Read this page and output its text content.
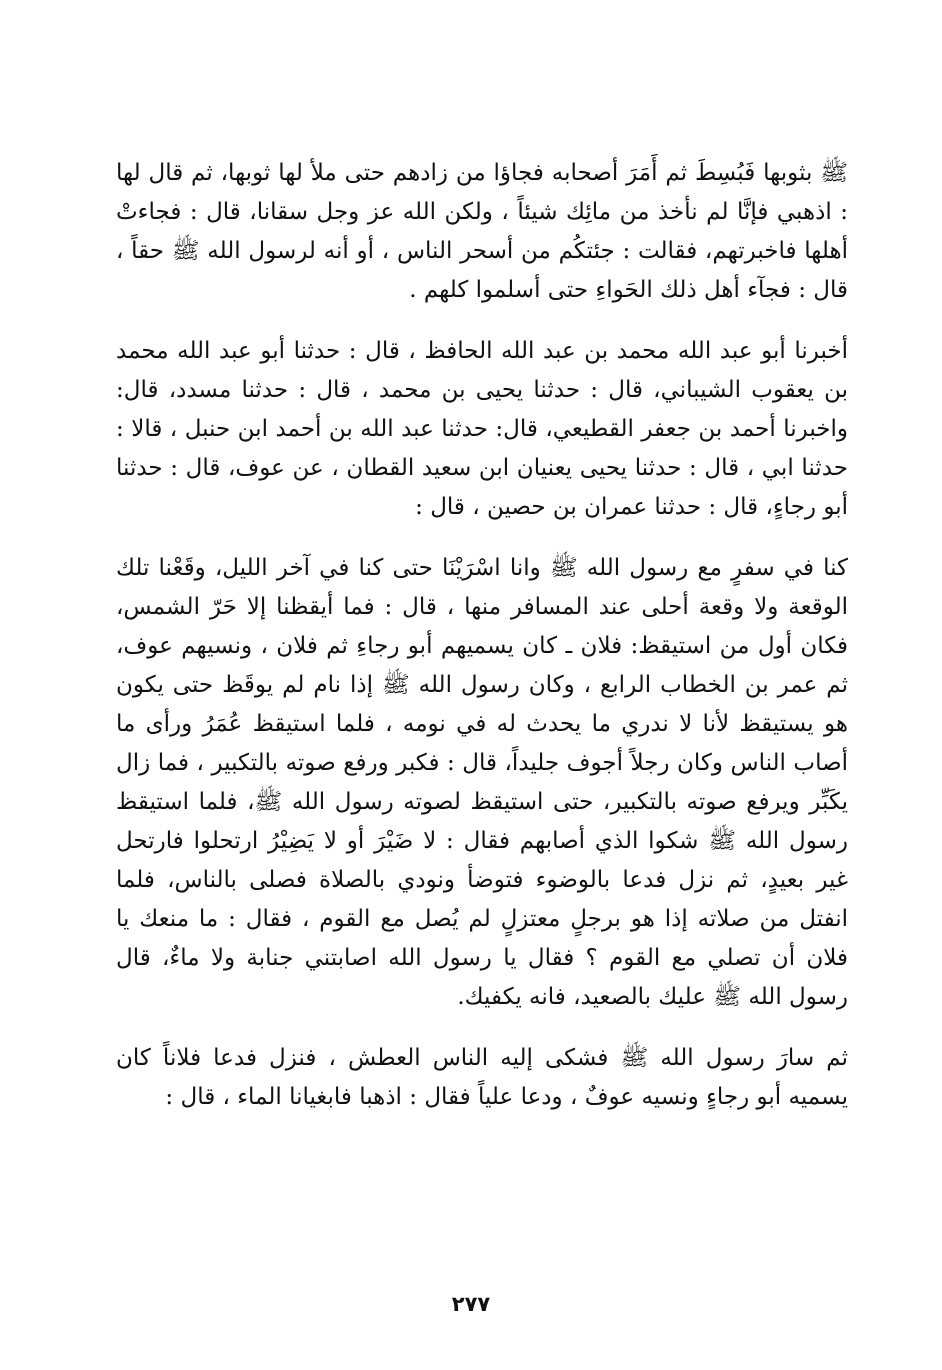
ﷺ بثوبها فَبُسِطَ ثم أَمَرَ أصحابه فجاؤا من زادهم حتى ملأ لها ثوبها، ثم قال لها : اذهبي فإنَّا لم نأخذ من مائِك شيئاً ، ولكن الله عز وجل سقانا، قال : فجاءتْ أهلها فاخبرتهم، فقالت : جئتكُم من أسحر الناس ، أو أنه لرسول الله ﷺ حقاً ، قال : فجآء أهل ذلك الحَواءِ حتى أسلموا كلهم .

أخبرنا أبو عبد الله محمد بن عبد الله الحافظ ، قال : حدثنا أبو عبد الله محمد بن يعقوب الشيباني، قال : حدثنا يحيى بن محمد ، قال : حدثنا مسدد، قال: واخبرنا أحمد بن جعفر القطيعي، قال: حدثنا عبد الله بن أحمد ابن حنبل ، قالا : حدثنا ابي ، قال : حدثنا يحيى يعنيان ابن سعيد القطان ، عن عوف، قال : حدثنا أبو رجاءٍ، قال : حدثنا عمران بن حصين ، قال :

كنا في سفرٍ مع رسول الله ﷺ وانا اسْرَيْنَا حتى كنا في آخر الليل، وقَعْنا تلك الوقعة ولا وقعة أحلى عند المسافر منها ، قال : فما أيقظنا إلا حَرّ الشمس، فكان أول من استيقظ: فلان ـ كان يسميهم أبو رجاءِ ثم فلان ، ونسيهم عوف، ثم عمر بن الخطاب الرابع ، وكان رسول الله ﷺ إذا نام لم يوقَظ حتى يكون هو يستيقظ لأنا لا ندري ما يحدث له في نومه ، فلما استيقظ عُمَرُ ورأى ما أصاب الناس وكان رجلاً أجوف جليداً، قال : فكبر ورفع صوته بالتكبير ، فما زال يكَبِّر ويرفع صوته بالتكبير، حتى استيقظ لصوته رسول الله ﷺ، فلما استيقظ رسول الله ﷺ شكوا الذي أصابهم فقال : لا ضَيْرَ أو لا يَضِيْرُ ارتحلوا فارتحل غير بعيدٍ، ثم نزل فدعا بالوضوء فتوضأ ونودي بالصلاة فصلى بالناس، فلما انفتل من صلاته إذا هو برجلٍ معتزلٍ لم يُصل مع القوم ، فقال : ما منعك يا فلان أن تصلي مع القوم ؟ فقال يا رسول الله اصابتني جنابة ولا ماءٌ، قال رسول الله ﷺ عليك بالصعيد، فانه يكفيك.

ثم سارَ رسول الله ﷺ فشكى إليه الناس العطش ، فنزل فدعا فلاناً كان يسميه أبو رجاءٍ ونسيه عوفٌ ، ودعا علياً فقال : اذهبا فابغيانا الماء ، قال :

٢٧٧
